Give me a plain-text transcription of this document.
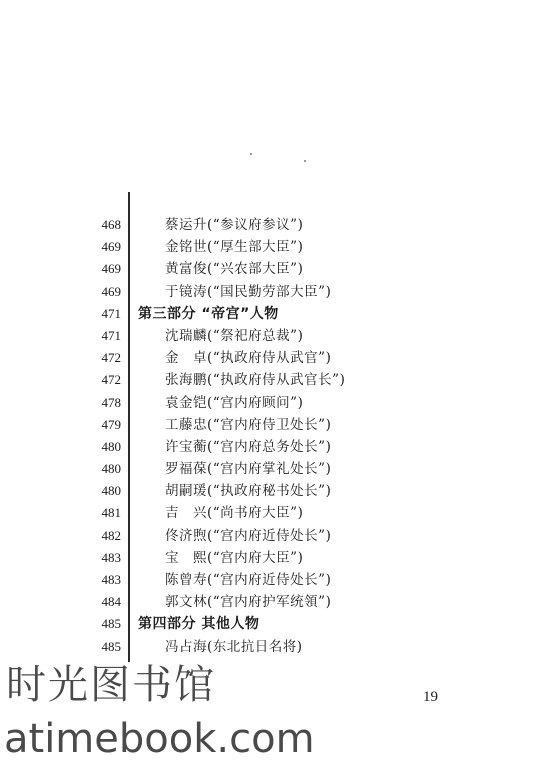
468	蔡运升(“参议府参议”)
469	金铭世(“厚生部大臣”)
469	黄富俊(“兴农部大臣”)
469	于镜涛(“国民勤劳部大臣”)
471 第三部分 “帝宫”人物
471	沈瑞麟(“祭祀府总裁”)
472	金　卓(“执政府侍从武官”)
472	张海鹏(“执政府侍从武官长”)
478	袁金铠(“宫内府顾问”)
479	工藤忠(“宫内府侍卫处长”)
480	许宝蘅(“宫内府总务处长”)
480	罗福葆(“宫内府掌礼处长”)
480	胡嗣瑗(“执政府秘书处长”)
481	吉　兴(“尚书府大臣”)
482	佟济煦(“宫内府近侍处长”)
483	宝　熙(“宫内府大臣”)
483	陈曾寿(“宫内府近侍处长”)
484	郭文林(“宫内府护军统領”)
485 第四部分 其他人物
485	冯占海(东北抗日名将)
19
时光图书馆
atimebook.com
